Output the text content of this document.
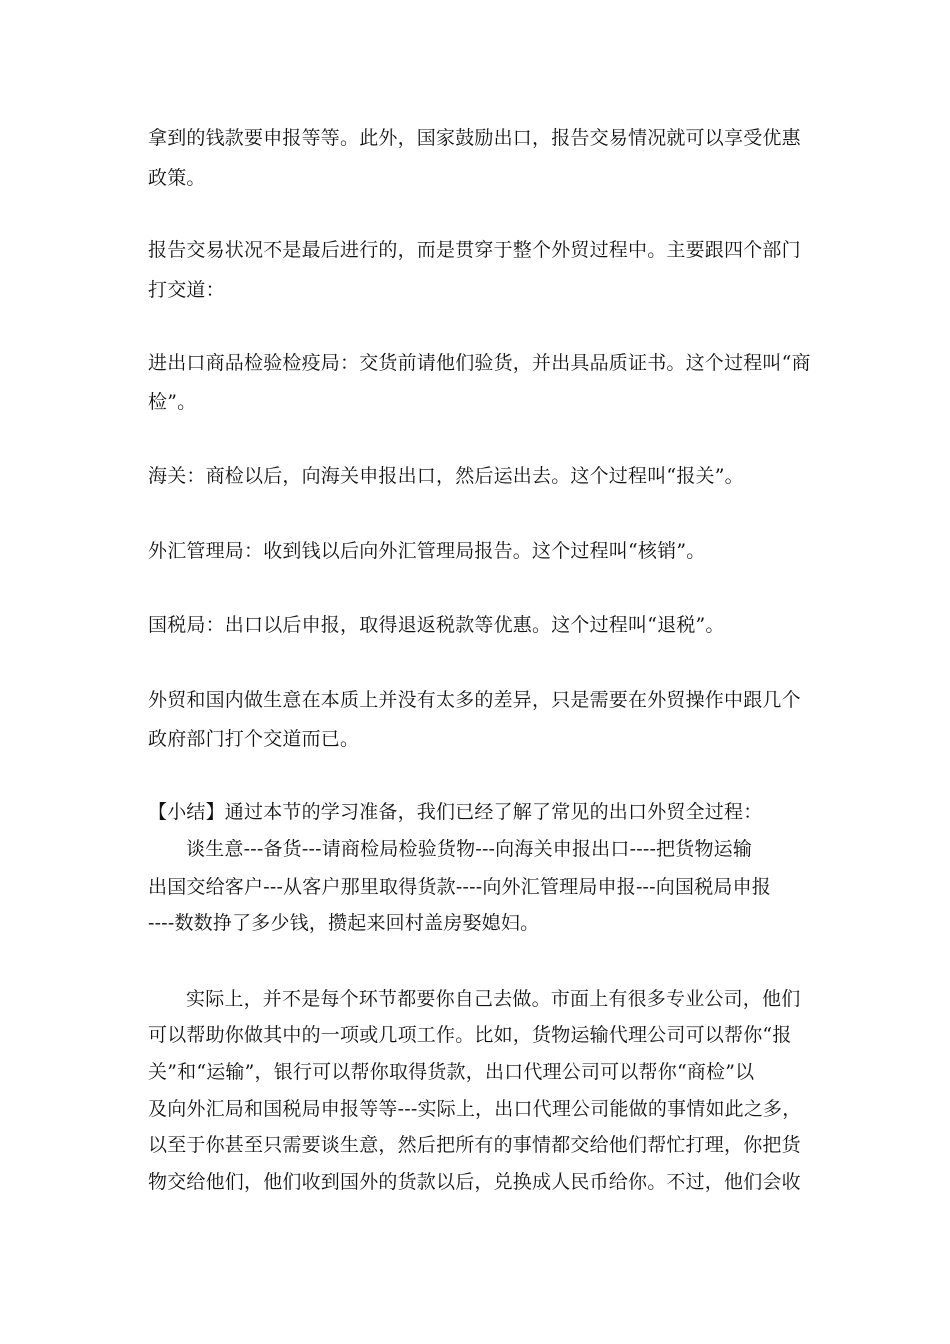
拿到的钱款要申报等等。此外，国家鼓励出口，报告交易情况就可以享受优惠
政策。
报告交易状况不是最后进行的，而是贯穿于整个外贸过程中。主要跟四个部门
打交道：
进出口商品检验检疫局：交货前请他们验货，并出具品质证书。这个过程叫“商
检”。
海关：商检以后，向海关申报出口，然后运出去。这个过程叫“报关”。
外汇管理局：收到钱以后向外汇管理局报告。这个过程叫“核销”。
国税局：出口以后申报，取得退返税款等优惠。这个过程叫“退税”。
外贸和国内做生意在本质上并没有太多的差异，只是需要在外贸操作中跟几个
政府部门打个交道而已。
【小结】通过本节的学习准备，我们已经了解了常见的出口外贸全过程：
谈生意---备货---请商检局检验货物---向海关申报出口----把货物运输
出国交给客户---从客户那里取得货款----向外汇管理局申报---向国税局申报
----数数挣了多少钱，攒起来回村盖房娶媳妇。
实际上，并不是每个环节都要你自己去做。市面上有很多专业公司，他们
可以帮助你做其中的一项或几项工作。比如，货物运输代理公司可以帮你“报
关”和“运输”，银行可以帮你取得货款，出口代理公司可以帮你“商检”以
及向外汇局和国税局申报等等---实际上，出口代理公司能做的事情如此之多，
以至于你甚至只需要谈生意，然后把所有的事情都交给他们帮忙打理，你把货
物交给他们，他们收到国外的货款以后，兑换成人民币给你。不过，他们会收
